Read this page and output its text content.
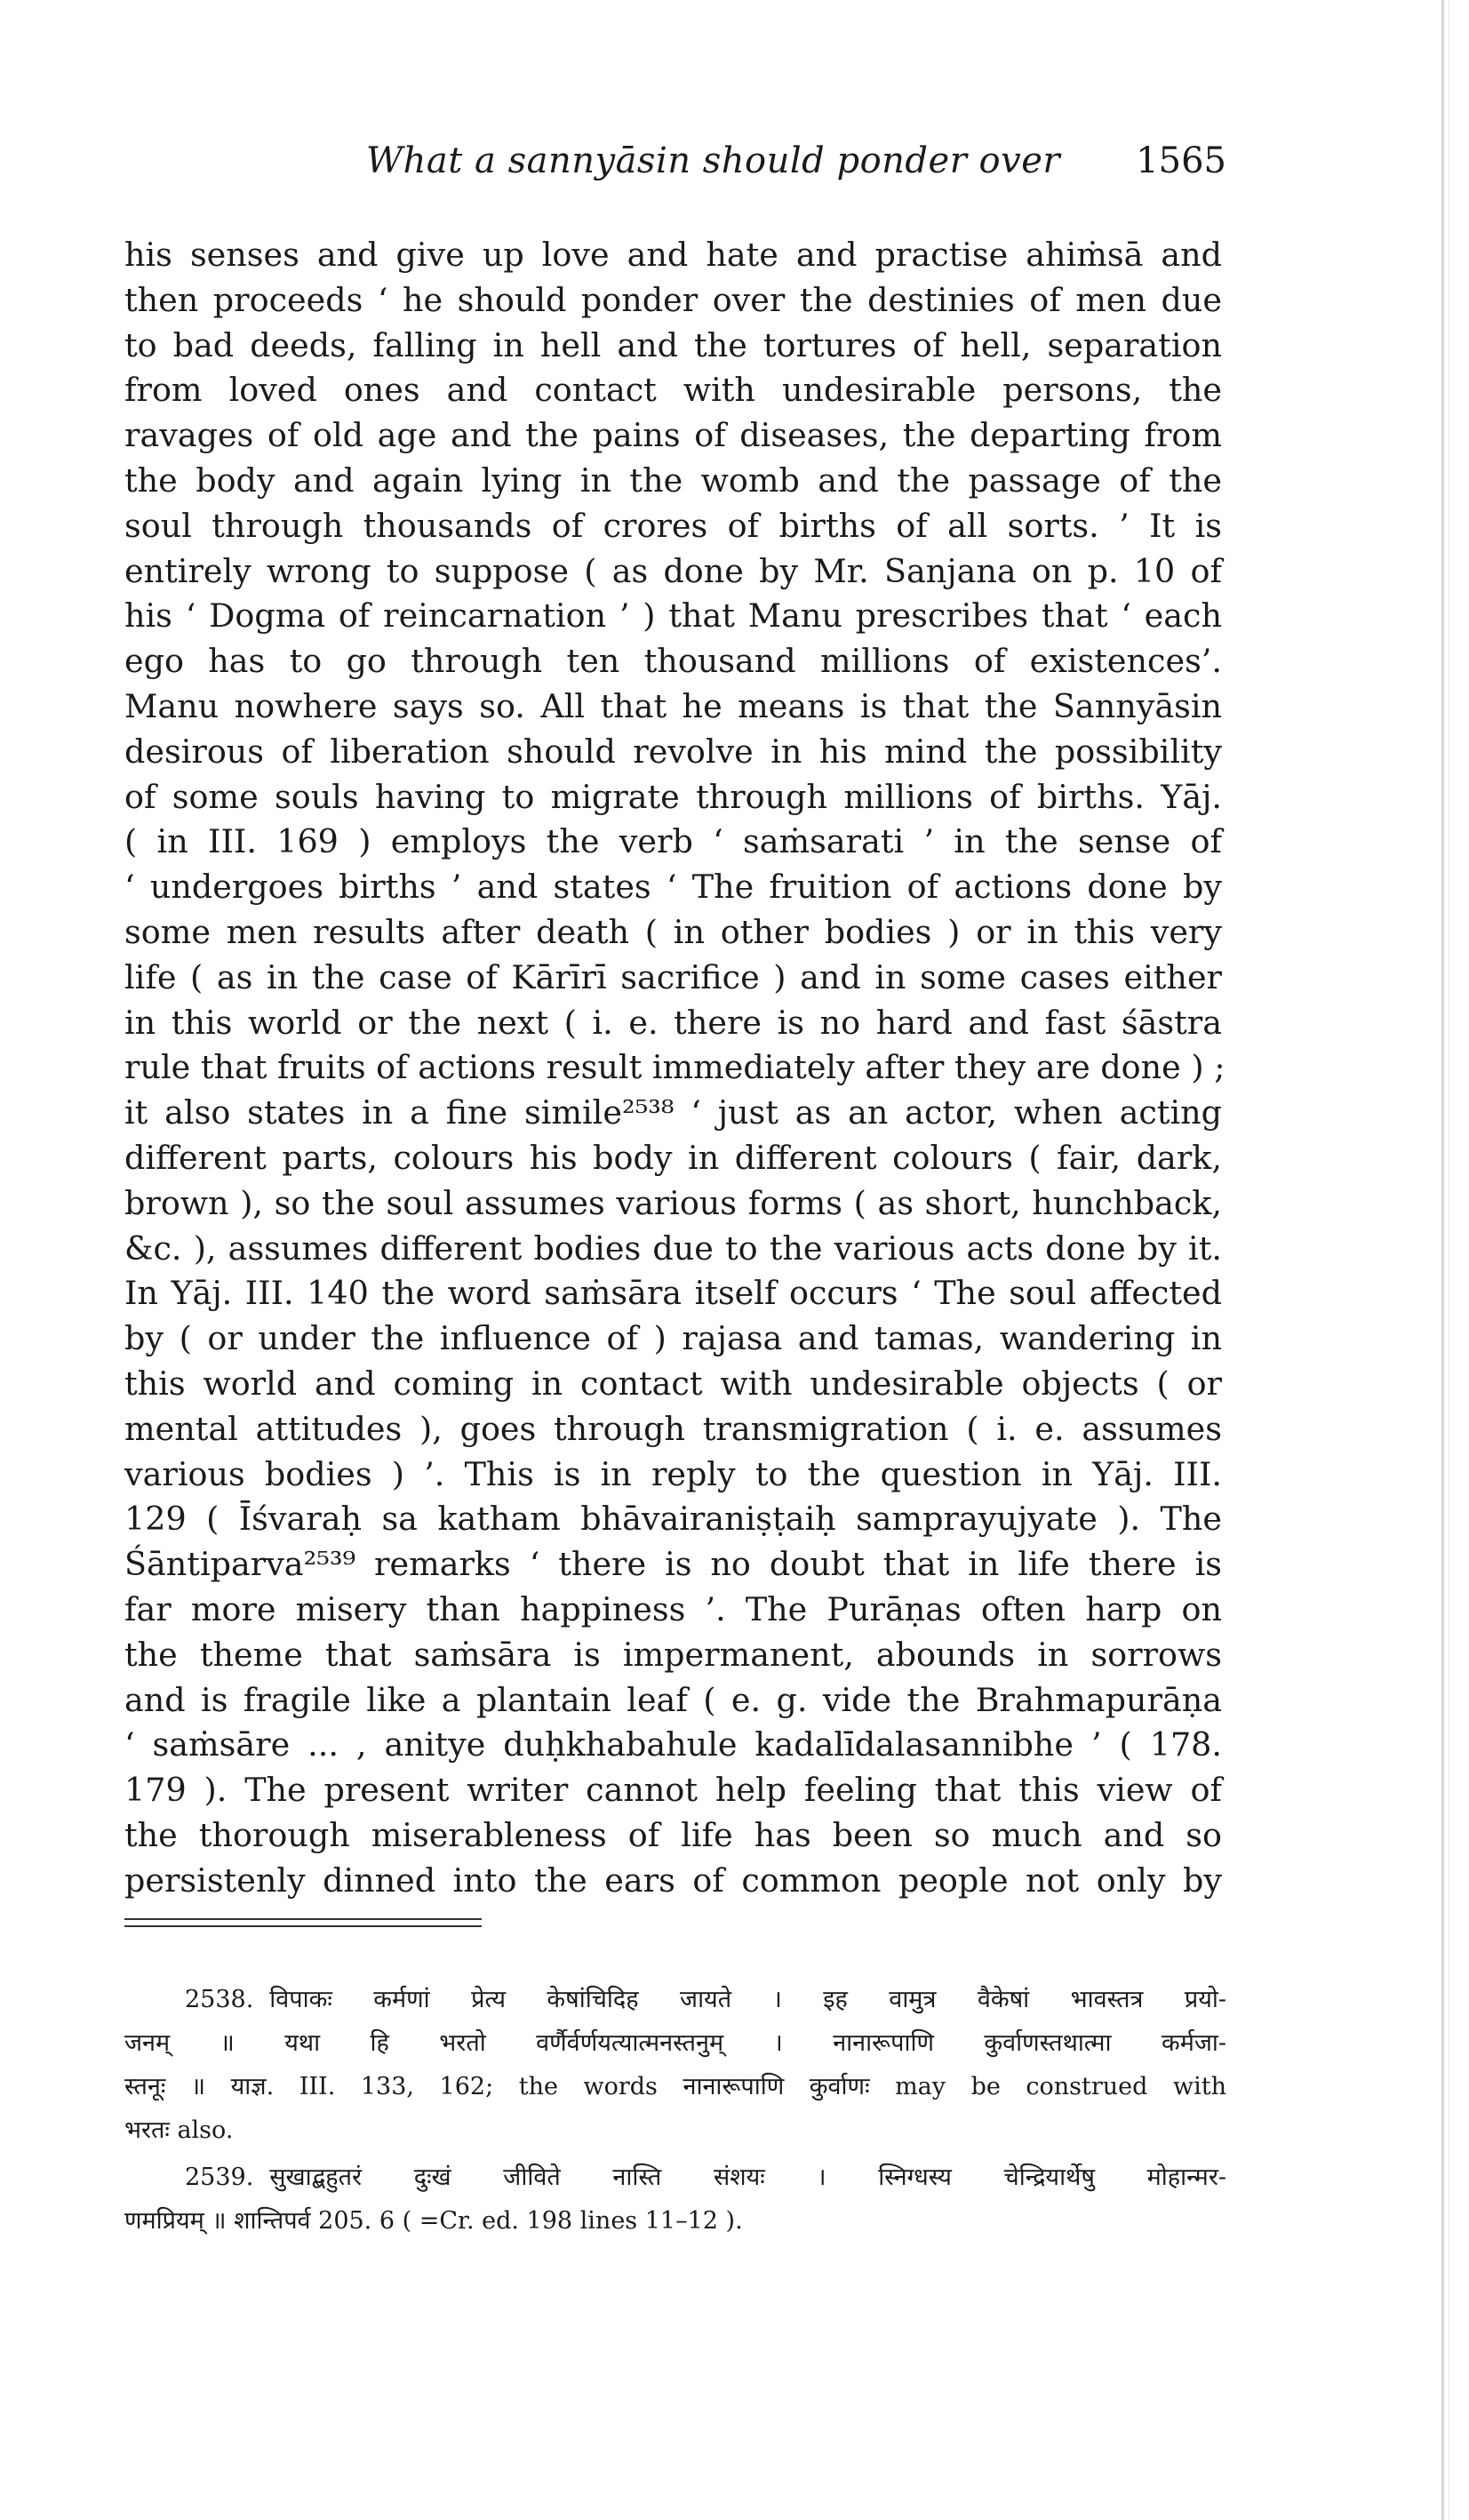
What a sannyāsin should ponder over 1565
his senses and give up love and hate and practise ahiṁsā and
then proceeds ‘ he should ponder over the destinies of men due
to bad deeds, falling in hell and the tortures of hell, separation
from loved ones and contact with undesirable persons, the
ravages of old age and the pains of diseases, the departing from
the body and again lying in the womb and the passage of the
soul through thousands of crores of births of all sorts. ’ It is
entirely wrong to suppose ( as done by Mr. Sanjana on p. 10 of
his ‘ Dogma of reincarnation ’ ) that Manu prescribes that ‘ each
ego has to go through ten thousand millions of existences’.
Manu nowhere says so. All that he means is that the Sannyāsin
desirous of liberation should revolve in his mind the possibility
of some souls having to migrate through millions of births. Yāj.
( in III. 169 ) employs the verb ‘ saṁsarati ’ in the sense of
‘ undergoes births ’ and states ‘ The fruition of actions done by
some men results after death ( in other bodies ) or in this very
life ( as in the case of Kārīrī sacrifice ) and in some cases either
in this world or the next ( i. e. there is no hard and fast śāstra
rule that fruits of actions result immediately after they are done ) ;
it also states in a fine simile²⁵³⁸ ‘ just as an actor, when acting
different parts, colours his body in different colours ( fair, dark,
brown ), so the soul assumes various forms ( as short, hunchback,
&c. ), assumes different bodies due to the various acts done by it.
In Yāj. III. 140 the word saṁsāra itself occurs ‘ The soul affected
by ( or under the influence of ) rajasa and tamas, wandering in
this world and coming in contact with undesirable objects ( or
mental attitudes ), goes through transmigration ( i. e. assumes
various bodies ) ’. This is in reply to the question in Yāj. III.
129 ( Īśvaraḥ sa katham bhāvairaniṣṭaiḥ samprayujyate ). The
Śāntiparva²⁵³⁹ remarks ‘ there is no doubt that in life there is
far more misery than happiness ’. The Purāṇas often harp on
the theme that saṁsāra is impermanent, abounds in sorrows
and is fragile like a plantain leaf ( e. g. vide the Brahmapurāṇa
‘ saṁsāre ... , anitye duḥkhabahule kadalīdalasannibhe ’ ( 178.
179 ). The present writer cannot help feeling that this view of
the thorough miserableness of life has been so much and so
persistenly dinned into the ears of common people not only by
2538. विपाकः कर्मणां प्रेत्य केषांचिदिह जायते । इह वामुत्र वैकेषां भावस्तत्र प्रयो-
जनम् ॥ यथा हि भरतो वर्णैर्वर्णयत्यात्मनस्तनुम् । नानारूपाणि कुर्वाणस्तथात्मा कर्मजा-
स्तनूः ॥ याज्ञ. III. 133, 162; the words नानारूपाणि कुर्वाणः may be construed with
भरतः also.
2539. सुखाद्बहुतरं दुःखं जीविते नास्ति संशयः । स्निग्धस्य चेन्द्रियार्थेषु मोहान्मर-
णमप्रियम् ॥ शान्तिपर्व 205. 6 ( =Cr. ed. 198 lines 11–12 ).
